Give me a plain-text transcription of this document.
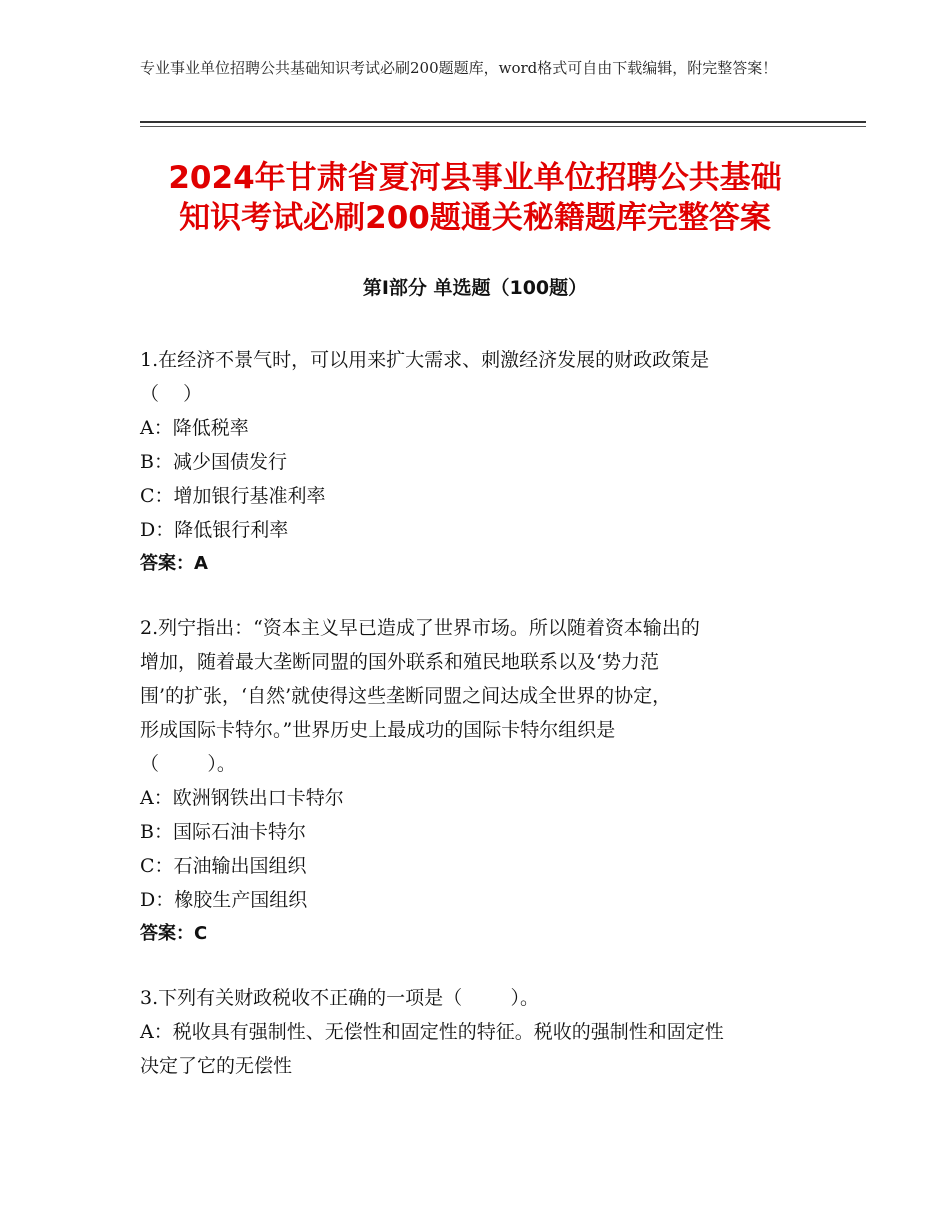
专业事业单位招聘公共基础知识考试必刷200题题库，word格式可自由下载编辑，附完整答案！
2024年甘肃省夏河县事业单位招聘公共基础
知识考试必刷200题通关秘籍题库完整答案
第Ⅰ部分 单选题（100题）
1.在经济不景气时，可以用来扩大需求、刺激经济发展的财政政策是
（    ）
A：降低税率
B：减少国债发行
C：增加银行基准利率
D：降低银行利率
答案：A
2.列宁指出：“资本主义早已造成了世界市场。所以随着资本输出的
增加，随着最大垄断同盟的国外联系和殖民地联系以及‘势力范
围’的扩张，‘自然’就使得这些垄断同盟之间达成全世界的协定，
形成国际卡特尔。”世界历史上最成功的国际卡特尔组织是
（        ）。
A：欧洲钢铁出口卡特尔
B：国际石油卡特尔
C：石油输出国组织
D：橡胶生产国组织
答案：C
3.下列有关财政税收不正确的一项是（        ）。
A：税收具有强制性、无偿性和固定性的特征。税收的强制性和固定性
决定了它的无偿性
